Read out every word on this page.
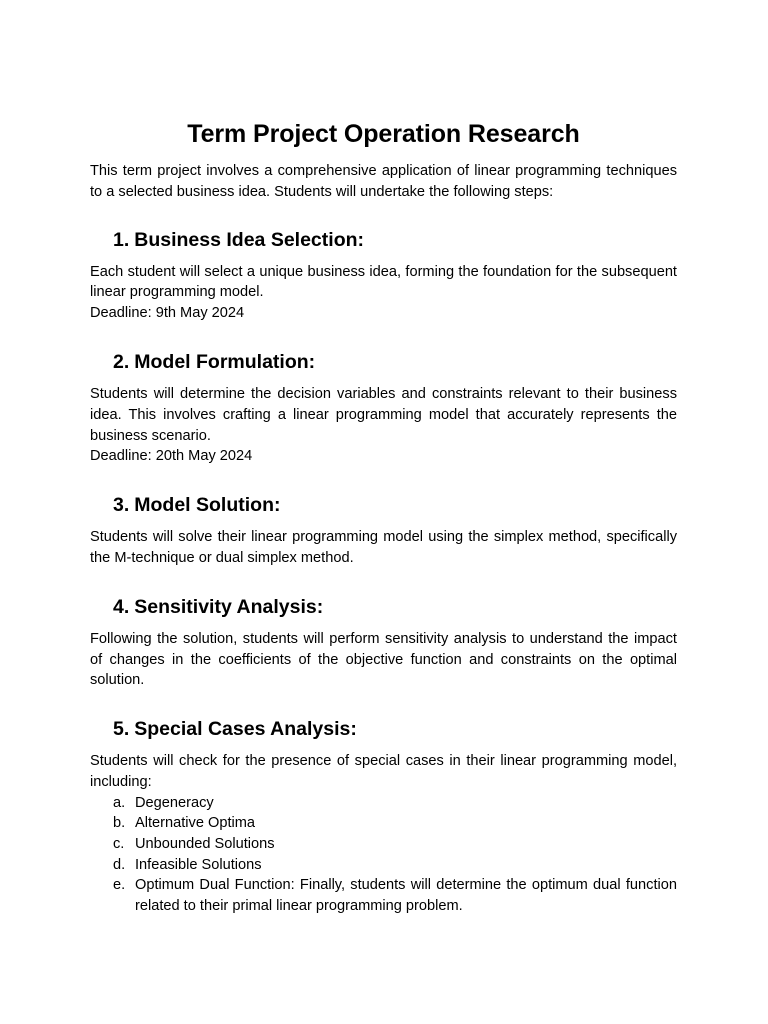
Term Project Operation Research

This term project involves a comprehensive application of linear programming techniques to a selected business idea. Students will undertake the following steps:

1. Business Idea Selection:

Each student will select a unique business idea, forming the foundation for the subsequent linear programming model.

Deadline: 9th May 2024

2. Model Formulation:

Students will determine the decision variables and constraints relevant to their business idea. This involves crafting a linear programming model that accurately represents the business scenario.

Deadline: 20th May 2024

3. Model Solution:

Students will solve their linear programming model using the simplex method, specifically the M-technique or dual simplex method.

4. Sensitivity Analysis:

Following the solution, students will perform sensitivity analysis to understand the impact of changes in the coefficients of the objective function and constraints on the optimal solution.

5. Special Cases Analysis:

Students will check for the presence of special cases in their linear programming model, including:

a. Degeneracy
b. Alternative Optima
c. Unbounded Solutions
d. Infeasible Solutions
e. Optimum Dual Function: Finally, students will determine the optimum dual function related to their primal linear programming problem.
